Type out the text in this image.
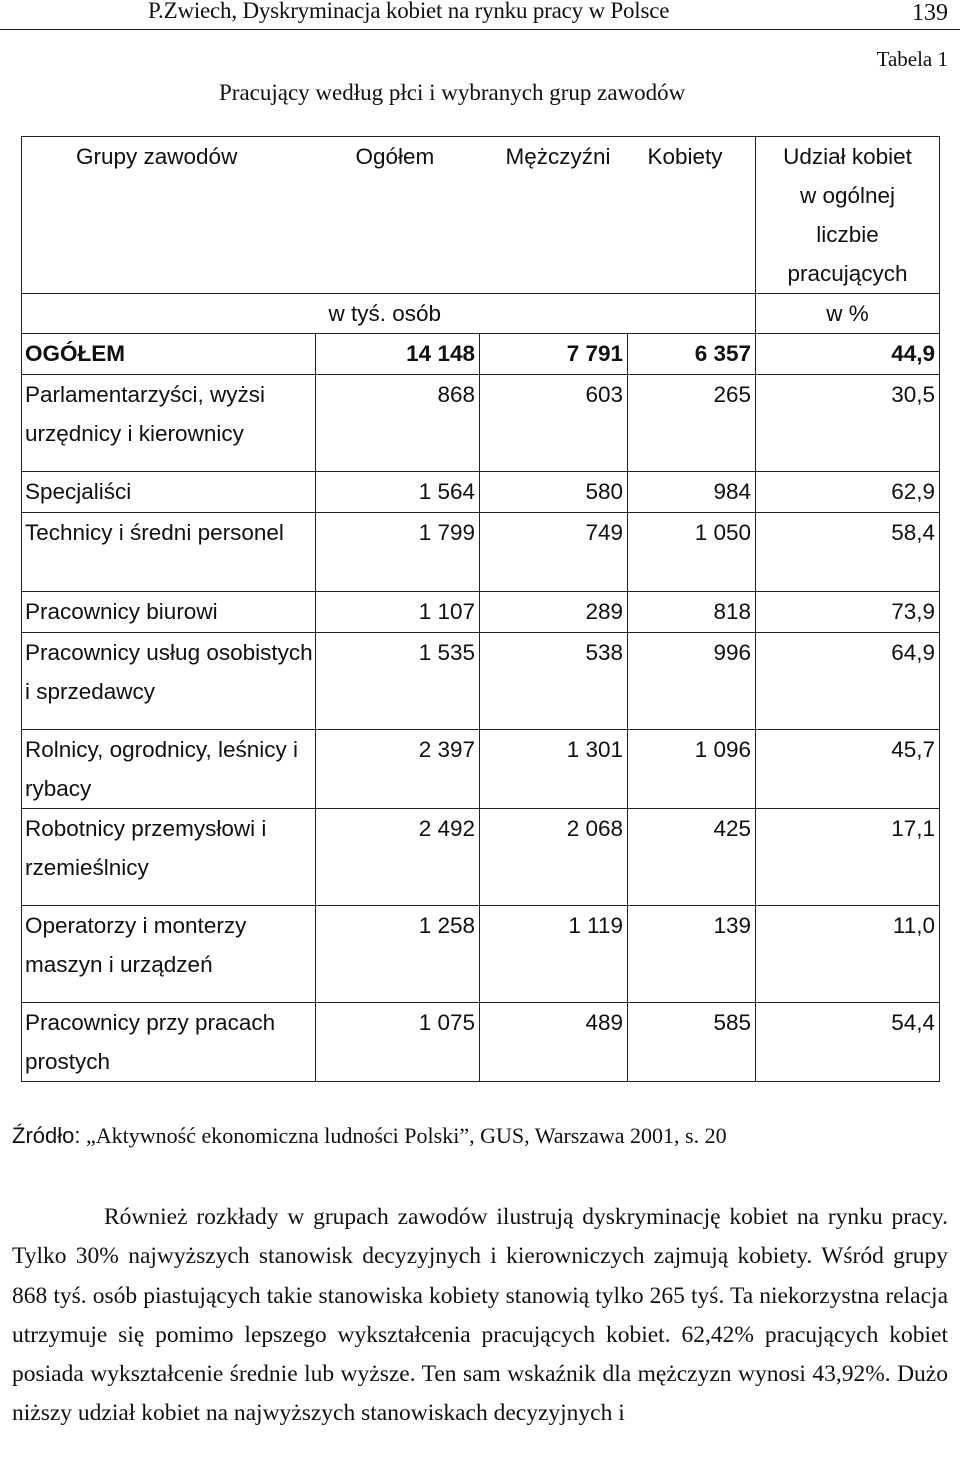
P.Zwiech, Dyskryminacja kobiet na rynku pracy w Polsce	139
Tabela 1
Pracujący według płci i wybranych grup zawodów
Grupy zawodów	Ogółem	Mężczyźni	Kobiety	Udział kobiet
w ogólnej
liczbie
pracujących

	w tyś. osób			w %
OGÓŁEM	14 148	7 791	6 357	44,9
Parlamentarzyści, wyżsi urzędnicy i kierownicy	868	603	265	30,5
Specjaliści	1 564	580	984	62,9
Technicy i średni personel	1 799	749	1 050	58,4
Pracownicy biurowi	1 107	289	818	73,9
Pracownicy usług osobistych i sprzedawcy	1 535	538	996	64,9
Rolnicy, ogrodnicy, leśnicy i rybacy	2 397	1 301	1 096	45,7
Robotnicy przemysłowi i rzemieślnicy	2 492	2 068	425	17,1
Operatorzy i monterzy maszyn i urządzeń	1 258	1 119	139	11,0
Pracownicy przy pracach prostych	1 075	489	585	54,4
Źródło: „Aktywność ekonomiczna ludności Polski”, GUS, Warszawa 2001, s. 20
Również rozkłady w grupach zawodów ilustrują dyskryminację kobiet na rynku pracy. Tylko 30% najwyższych stanowisk decyzyjnych i kierowniczych zajmują kobiety. Wśród grupy 868 tyś. osób piastujących takie stanowiska kobiety stanowią tylko 265 tyś. Ta niekorzystna relacja utrzymuje się pomimo lepszego wykształcenia pracujących kobiet. 62,42% pracujących kobiet posiada wykształcenie średnie lub wyższe. Ten sam wskaźnik dla mężczyzn wynosi 43,92%. Dużo niższy udział kobiet na najwyższych stanowiskach decyzyjnych i
